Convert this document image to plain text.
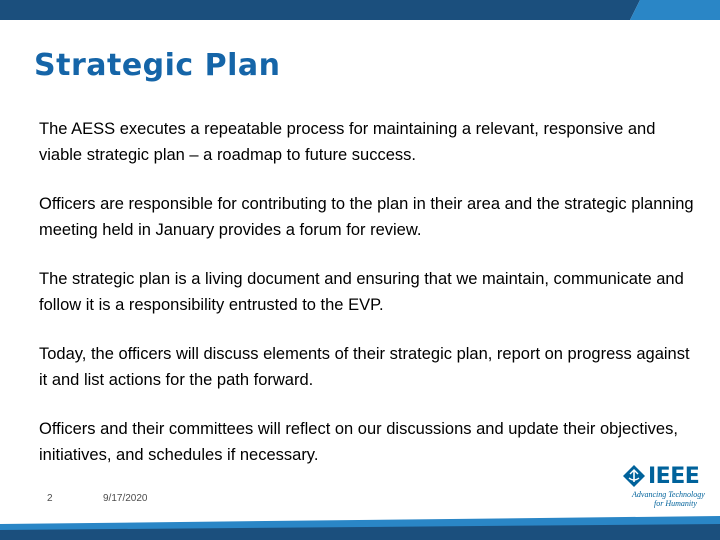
Strategic Plan

The AESS executes a repeatable process for maintaining a relevant, responsive and viable strategic plan – a roadmap to future success.

Officers are responsible for contributing to the plan in their area and the strategic planning meeting held in January provides a forum for review.

The strategic plan is a living document and ensuring that we maintain, communicate and follow it is a responsibility entrusted to the EVP.

Today, the officers will discuss elements of their strategic plan, report on progress against it and list actions for the path forward.

Officers and their committees will reflect on our discussions and update their objectives, initiatives, and schedules if necessary.

2	9/17/2020
IEEE
Advancing Technology
for Humanity
